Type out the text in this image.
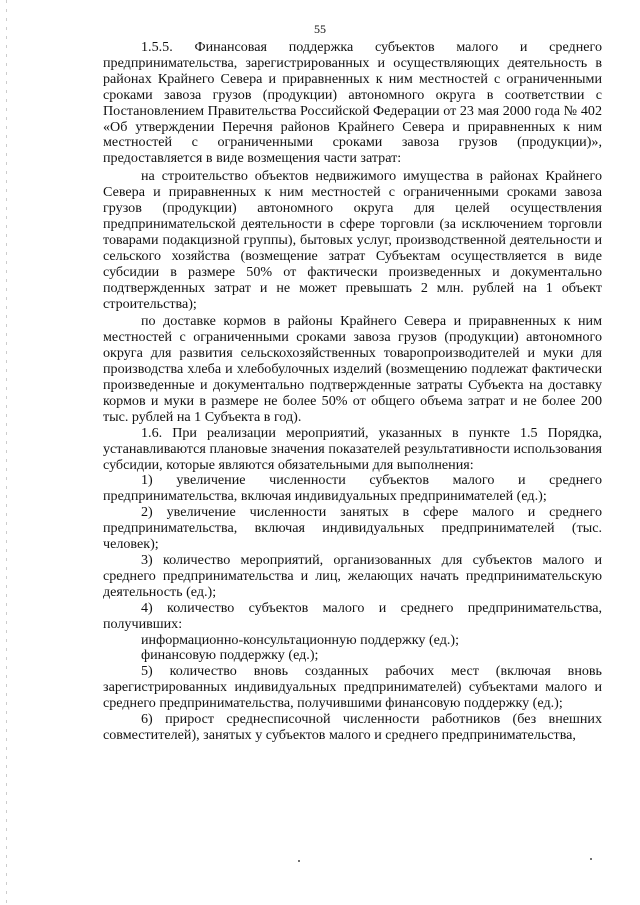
55

1.5.5. Финансовая поддержка субъектов малого и среднего предпринимательства, зарегистрированных и осуществляющих деятельность в районах Крайнего Севера и приравненных к ним местностей с ограниченными сроками завоза грузов (продукции) автономного округа в соответствии с Постановлением Правительства Российской Федерации от 23 мая 2000 года № 402 «Об утверждении Перечня районов Крайнего Севера и приравненных к ним местностей с ограниченными сроками завоза грузов (продукции)», предоставляется в виде возмещения части затрат:

на строительство объектов недвижимого имущества в районах Крайнего Севера и приравненных к ним местностей с ограниченными сроками завоза грузов (продукции) автономного округа для целей осуществления предпринимательской деятельности в сфере торговли (за исключением торговли товарами подакцизной группы), бытовых услуг, производственной деятельности и сельского хозяйства (возмещение затрат Субъектам осуществляется в виде субсидии в размере 50% от фактически произведенных и документально подтвержденных затрат и не может превышать 2 млн. рублей на 1 объект строительства);

по доставке кормов в районы Крайнего Севера и приравненных к ним местностей с ограниченными сроками завоза грузов (продукции) автономного округа для развития сельскохозяйственных товаропроизводителей и муки для производства хлеба и хлебобулочных изделий (возмещению подлежат фактически произведенные и документально подтвержденные затраты Субъекта на доставку кормов и муки в размере не более 50% от общего объема затрат и не более 200 тыс. рублей на 1 Субъекта в год).

1.6. При реализации мероприятий, указанных в пункте 1.5 Порядка, устанавливаются плановые значения показателей результативности использования субсидии, которые являются обязательными для выполнения:

1) увеличение численности субъектов малого и среднего предпринимательства, включая индивидуальных предпринимателей (ед.);

2) увеличение численности занятых в сфере малого и среднего предпринимательства, включая индивидуальных предпринимателей (тыс. человек);

3) количество мероприятий, организованных для субъектов малого и среднего предпринимательства и лиц, желающих начать предпринимательскую деятельность (ед.);

4) количество субъектов малого и среднего предпринимательства, получивших:

информационно-консультационную поддержку (ед.);

финансовую поддержку (ед.);

5) количество вновь созданных рабочих мест (включая вновь зарегистрированных индивидуальных предпринимателей) субъектами малого и среднего предпринимательства, получившими финансовую поддержку (ед.);

6) прирост среднесписочной численности работников (без внешних совместителей), занятых у субъектов малого и среднего предпринимательства,
